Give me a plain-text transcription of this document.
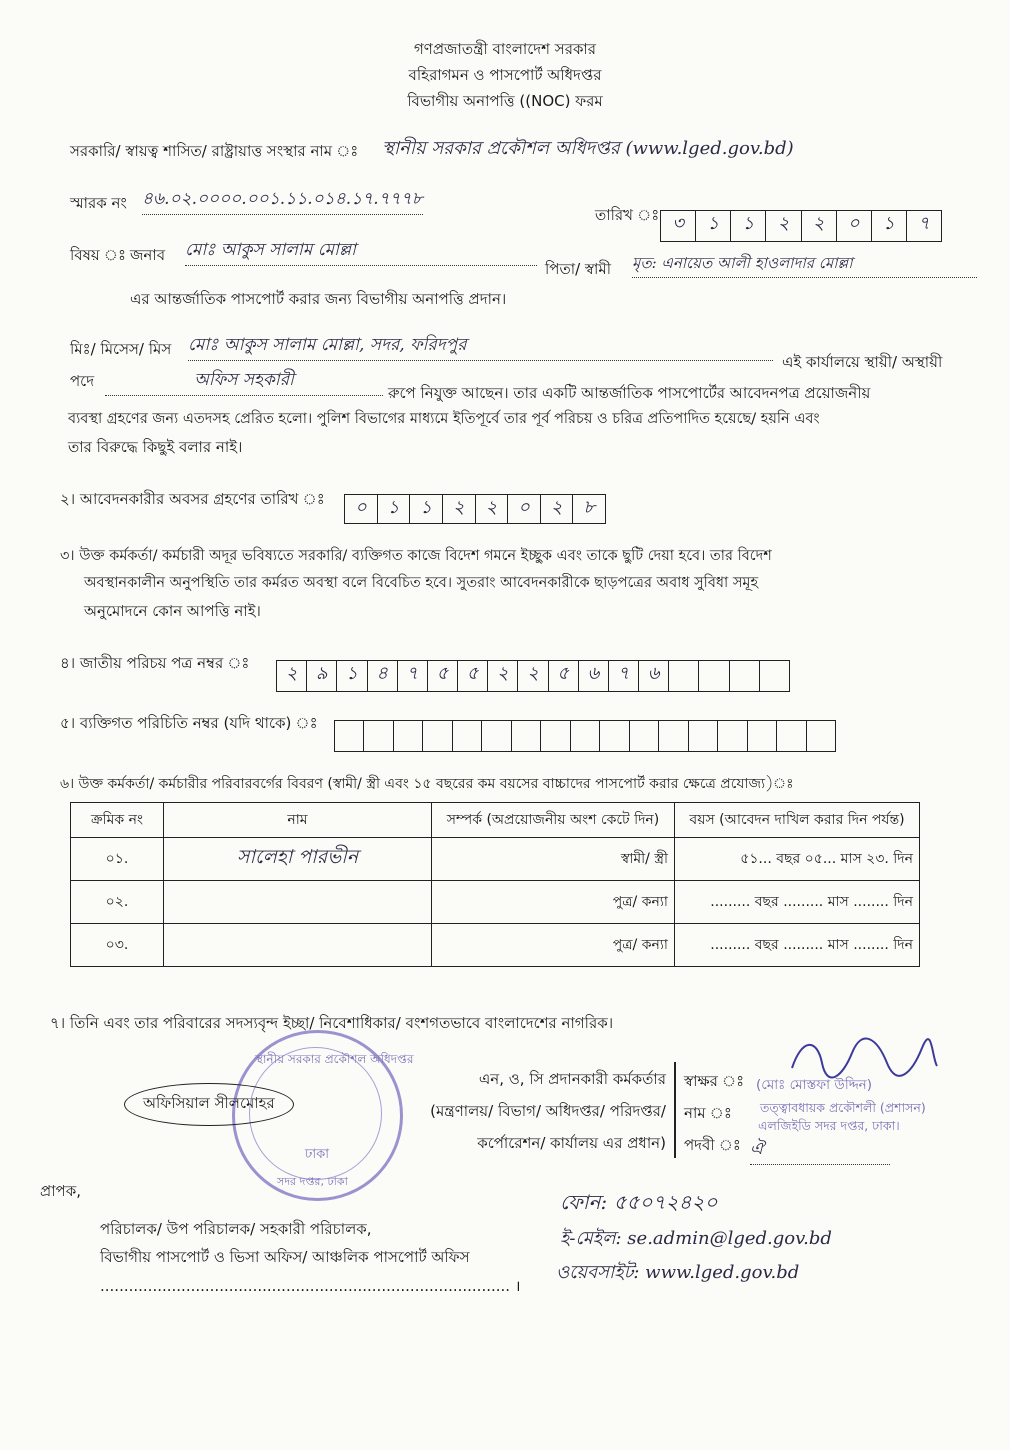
গণপ্রজাতন্ত্রী বাংলাদেশ সরকার
বহিরাগমন ও পাসপোর্ট অধিদপ্তর
বিভাগীয় অনাপত্তি ((NOC) ফরম
সরকারি/ স্বায়ত্ব শাসিত/ রাষ্ট্রায়াত্ত সংস্থার নাম ঃ স্থানীয় সরকার প্রকৌশল অধিদপ্তর (www.lged.gov.bd)
স্মারক নং ৪৬.০২.০০০০.০০১.১১.০১৪.১৭.৭৭৭৮
তারিখ ঃ ৩	১	১	২	২	০	১	৭
বিষয় ঃ জনাব মোঃ আকুস সালাম মোল্লা
পিতা/ স্বামী মৃত: এনায়েত আলী হাওলাদার মোল্লা
এর আন্তর্জাতিক পাসপোর্ট করার জন্য বিভাগীয় অনাপত্তি প্রদান।
মিঃ/ মিসেস/ মিস মোঃ আকুস সালাম মোল্লা, সদর, ফরিদপুর
এই কার্যালয়ে স্থায়ী/ অস্থায়ী
পদে	অফিস সহকারী
রুপে নিযুক্ত আছেন। তার একটি আন্তর্জাতিক পাসপোর্টের আবেদনপত্র প্রয়োজনীয়
ব্যবস্থা গ্রহণের জন্য এতদসহ প্রেরিত হলো। পুলিশ বিভাগের মাধ্যমে ইতিপূর্বে তার পূর্ব পরিচয় ও চরিত্র প্রতিপাদিত হয়েছে/ হয়নি এবং
তার বিরুদ্ধে কিছুই বলার নাই।
২। আবেদনকারীর অবসর গ্রহণের তারিখ ঃ	০	১	১	২	২	০	২	৮
৩। উক্ত কর্মকর্তা/ কর্মচারী অদূর ভবিষ্যতে সরকারি/ ব্যক্তিগত কাজে বিদেশ গমনে ইচ্ছুক এবং তাকে ছুটি দেয়া হবে। তার বিদেশ
অবস্থানকালীন অনুপস্থিতি তার কর্মরত অবস্থা বলে বিবেচিত হবে। সুতরাং আবেদনকারীকে ছাড়পত্রের অবাধ সুবিধা সমূহ
অনুমোদনে কোন আপত্তি নাই।
৪। জাতীয় পরিচয় পত্র নম্বর ঃ	২	৯	১	৪	৭	৫	৫	২	২	৫	৬	৭	৬
৫। ব্যক্তিগত পরিচিতি নম্বর (যদি থাকে) ঃ
৬। উক্ত কর্মকর্তা/ কর্মচারীর পরিবারবর্গের বিবরণ (স্বামী/ স্ত্রী এবং ১৫ বছরের কম বয়সের বাচ্চাদের পাসপোর্ট করার ক্ষেত্রে প্রযোজ্য)ঃ
ক্রমিক নং	নাম	সম্পর্ক (অপ্রয়োজনীয় অংশ কেটে দিন)	বয়স (আবেদন দাখিল করার দিন পর্যন্ত)
০১.	সালেহা পারভীন	স্বামী/ স্ত্রী	৫১... বছর ০৫... মাস ২৩. দিন
০২.		পুত্র/ কন্যা	......... বছর ......... মাস ........ দিন
০৩.		পুত্র/ কন্যা	......... বছর ......... মাস ........ দিন
৭। তিনি এবং তার পরিবারের সদস্যবৃন্দ ইচ্ছা/ নিবেশাধিকার/ বংশগতভাবে বাংলাদেশের নাগরিক।
স্থানীয় সরকার প্রকৌশল অধিদপ্তর
ঢাকা
সদর দপ্তর, ঢাকা
অফিসিয়াল সীলমোহর
এন, ও, সি প্রদানকারী কর্মকর্তার
(মন্ত্রণালয়/ বিভাগ/ অধিদপ্তর/ পরিদপ্তর/
কর্পোরেশন/ কার্যালয় এর প্রধান)
স্বাক্ষর ঃ
নাম ঃ
পদবী ঃ
(মোঃ মোস্তফা উদ্দিন)
তত্ত্বাবধায়ক প্রকৌশলী (প্রশাসন)
এলজিইডি সদর দপ্তর, ঢাকা।
ঐ
প্রাপক,
পরিচালক/ উপ পরিচালক/ সহকারী পরিচালক,
বিভাগীয় পাসপোর্ট ও ভিসা অফিস/ আঞ্চলিক পাসপোর্ট অফিস
...................................................................................... ।
ফোন: ৫৫০৭২৪২০
ই-মেইল: se.admin@lged.gov.bd
ওয়েবসাইট: www.lged.gov.bd
